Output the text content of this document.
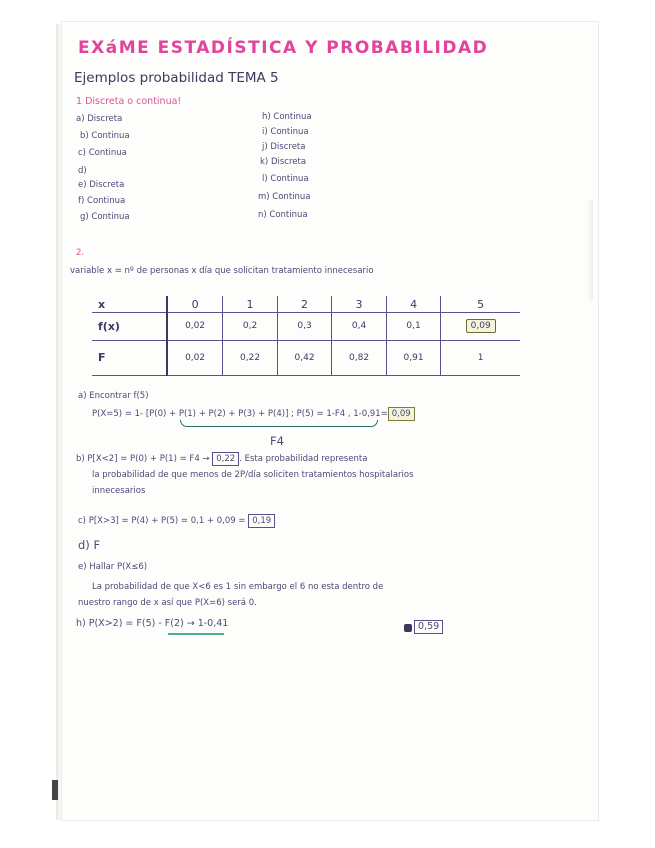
EXáME ESTADÍSTICA Y PROBABILIDAD
Ejemplos probabilidad TEMA 5
1 Discreta o continua!
a) Discreta
b) Continua
c) Continua
d)
e) Discreta
f) Continua
g) Continua
h) Continua
i) Continua
j) Discreta
k) Discreta
l) Continua
m) Continua
n) Continua
2.
variable x = nº de personas x día que solicitan tratamiento innecesario
x	0	1	2	3	4	5
f(x)	0,02	0,2	0,3	0,4	0,1	0,09
F	0,02	0,22	0,42	0,82	0,91	1
a) Encontrar f(5)
P(X=5) = 1- [P(0) + P(1) + P(2) + P(3) + P(4)] ; P(5) = 1-F4 , 1-0,91= 0,09
F4
b) P[X<2] = P(0) + P(1) = F4 → 0,22 . Esta probabilidad representa
la probabilidad de que menos de 2P/día soliciten tratamientos hospitalarios
innecesarios
c) P[X>3] = P(4) + P(5) = 0,1 + 0,09 = 0,19
d) F
e) Hallar P(X≤6)
La probabilidad de que X<6 es 1 sin embargo el 6 no esta dentro de
nuestro rango de x así que P(X=6) será 0.
h) P(X>2) = F(5) - F(2) → 1-0,41	0,59
